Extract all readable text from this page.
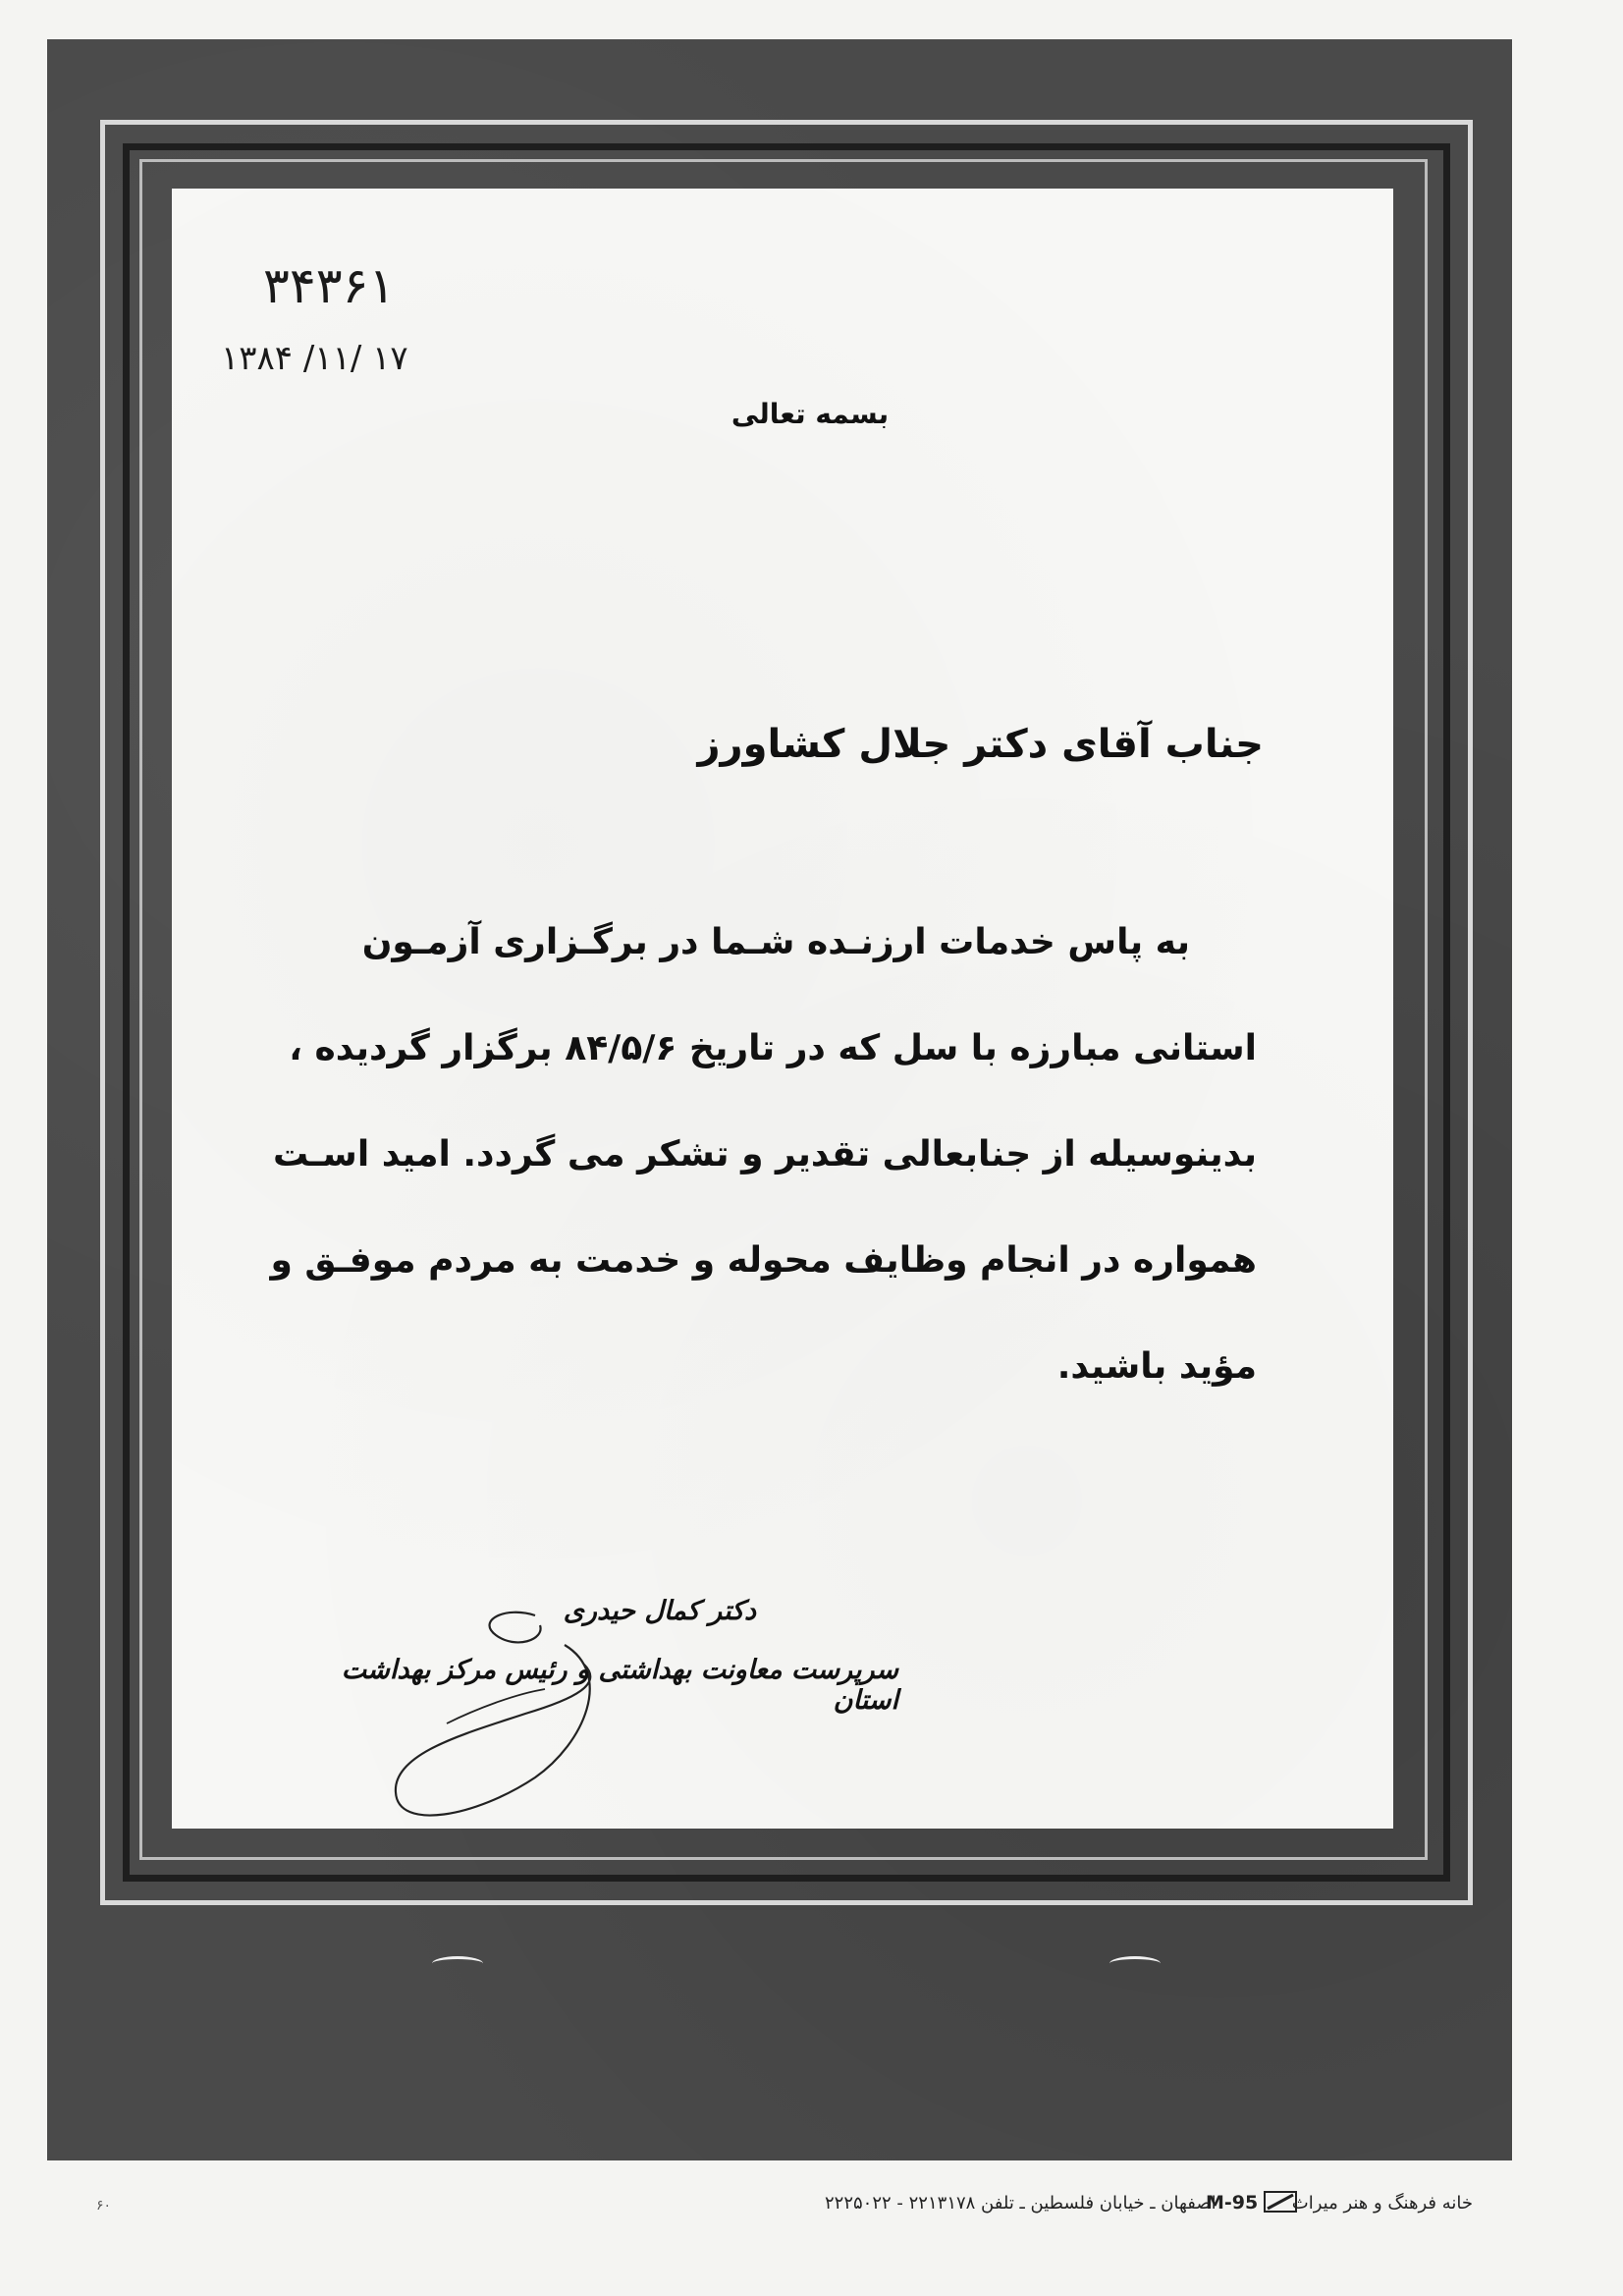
۳۴۳۶۱
۱۳۸۴ /۱۱/ ۱۷
بسمه تعالی
جناب آقای دکتر جلال کشاورز
به پاس خدمات ارزنـده شـما در برگـزاری آزمـون
استانی مبارزه با سل که در تاریخ ۸۴/۵/۶ برگزار گردیده ،
بدینوسیله از جنابعالی تقدیر و تشکر می گردد. امید اسـت
همواره در انجام وظایف محوله و خدمت به مردم موفـق و
مؤید باشید.
دکتر کمال حیدری
سرپرست معاونت بهداشتی و رئیس مرکز بهداشت استان
خانه فرهنگ و هنر میراث
M-95
اصفهان ـ خیابان فلسطین ـ تلفن ۲۲۱۳۱۷۸ - ۲۲۲۵۰۲۲
۶۰
